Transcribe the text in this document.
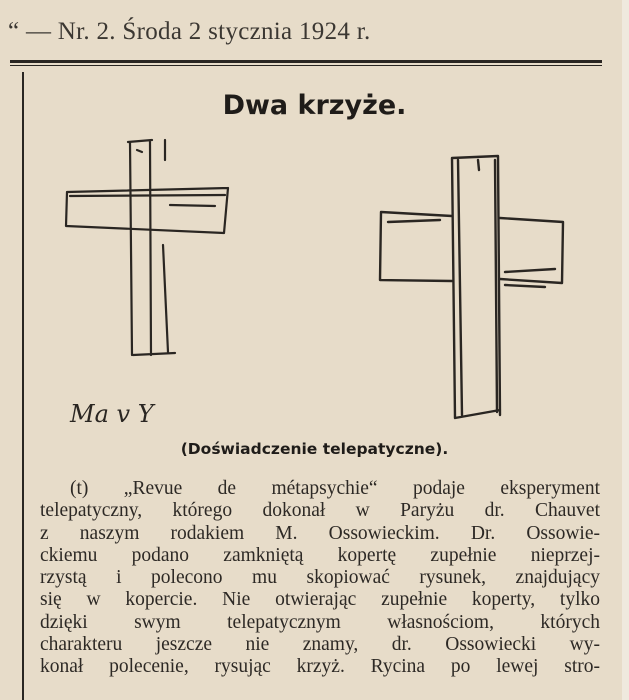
“ — Nr. 2. Środa 2 stycznia 1924 r.
Dwa krzyże.
Ma v Y
(Doświadczenie telepatyczne).
(t) „Revue de métapsychie“ podaje eksperyment
telepatyczny, którego dokonał w Paryżu dr. Chauvet
z naszym rodakiem M. Ossowieckim. Dr. Ossowie-
ckiemu podano zamkniętą kopertę zupełnie nieprzej-
rzystą i polecono mu skopiować rysunek, znajdujący
się w kopercie. Nie otwierając zupełnie koperty, tylko
dzięki swym telepatycznym własnościom, których
charakteru jeszcze nie znamy, dr. Ossowiecki wy-
konał polecenie, rysując krzyż. Rycina po lewej stro-
